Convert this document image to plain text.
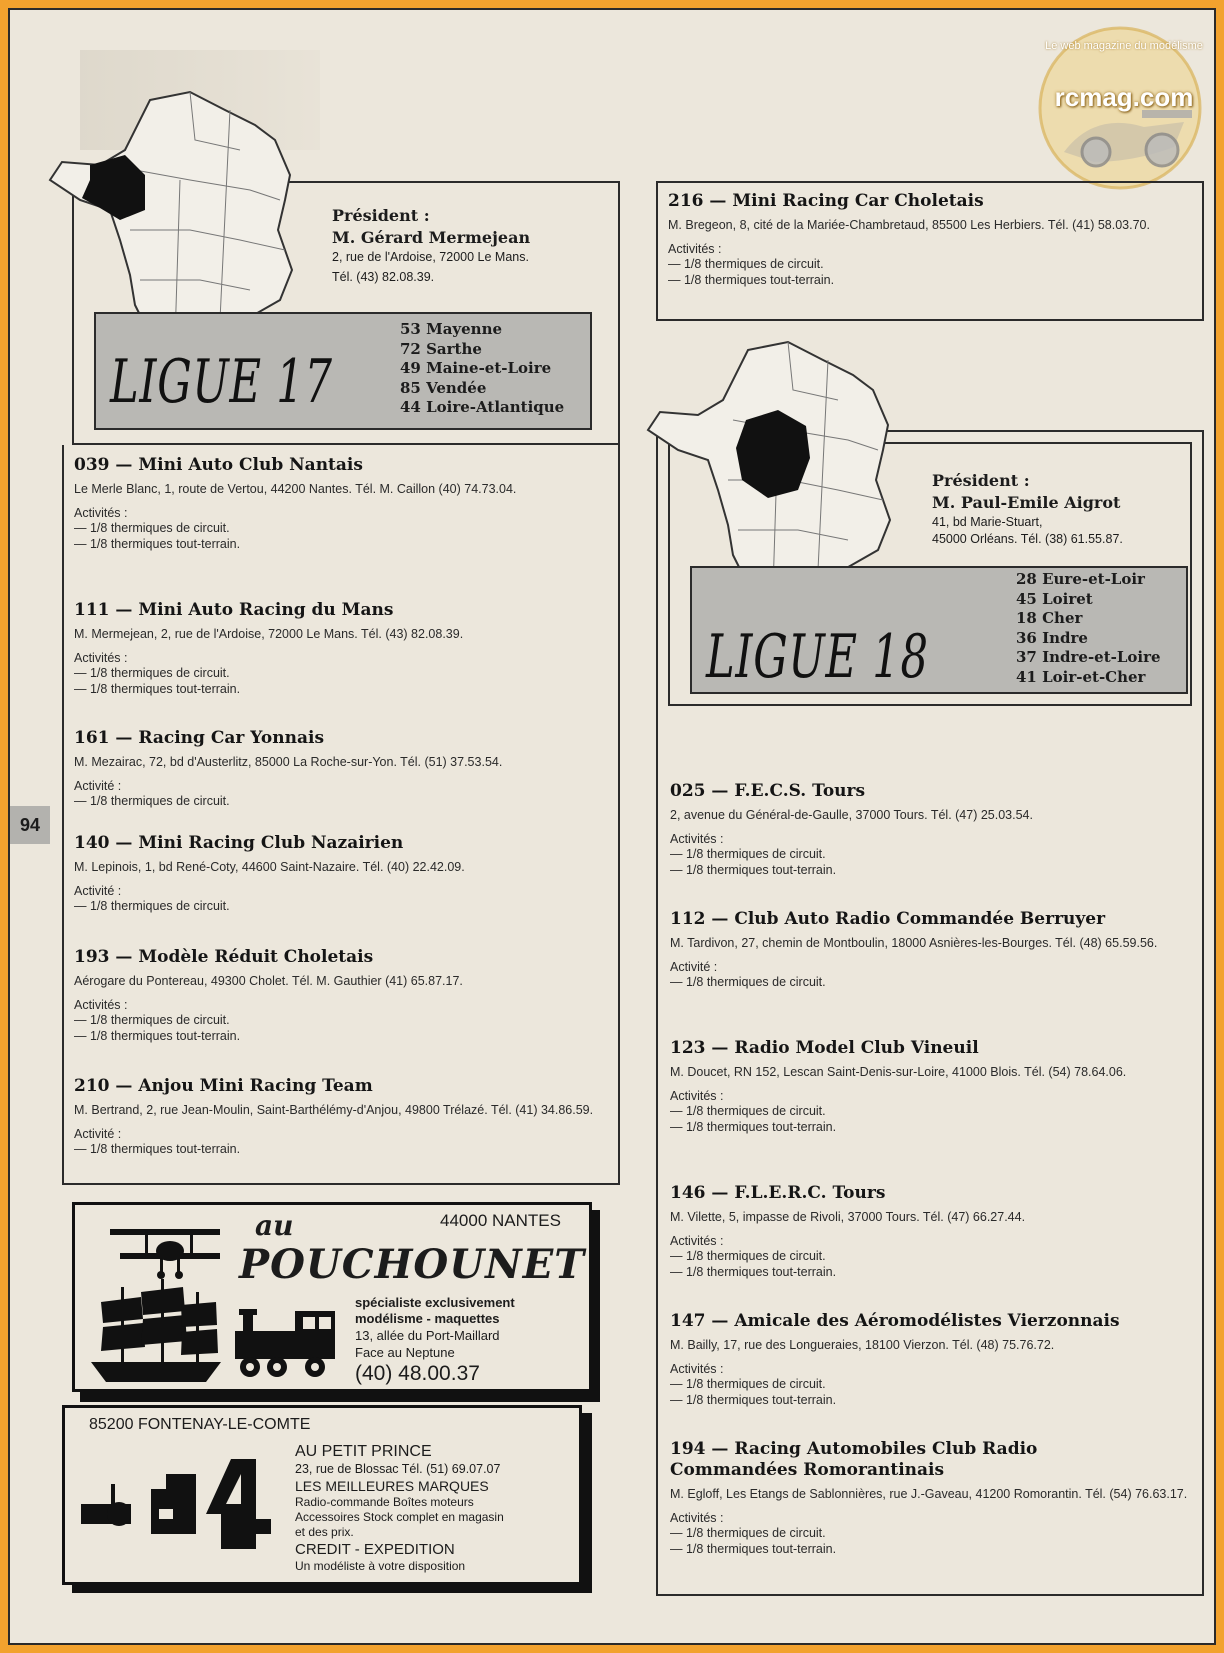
rcmag.com
Le web magazine du modélisme
Président :
M. Gérard Mermejean
2, rue de l'Ardoise, 72000 Le Mans.
Tél. (43) 82.08.39.
LIGUE 17
53 Mayenne
72 Sarthe
49 Maine-et-Loire
85 Vendée
44 Loire-Atlantique
039 — Mini Auto Club Nantais

Le Merle Blanc, 1, route de Vertou, 44200 Nantes. Tél. M. Caillon (40) 74.73.04.

Activités :
— 1/8 thermiques de circuit.
— 1/8 thermiques tout-terrain.
111 — Mini Auto Racing du Mans

M. Mermejean, 2, rue de l'Ardoise, 72000 Le Mans. Tél. (43) 82.08.39.

Activités :
— 1/8 thermiques de circuit.
— 1/8 thermiques tout-terrain.
161 — Racing Car Yonnais

M. Mezairac, 72, bd d'Austerlitz, 85000 La Roche-sur-Yon. Tél. (51) 37.53.54.

Activité :
— 1/8 thermiques de circuit.
140 — Mini Racing Club Nazairien

M. Lepinois, 1, bd René-Coty, 44600 Saint-Nazaire. Tél. (40) 22.42.09.

Activité :
— 1/8 thermiques de circuit.
193 — Modèle Réduit Choletais

Aérogare du Pontereau, 49300 Cholet. Tél. M. Gauthier (41) 65.87.17.

Activités :
— 1/8 thermiques de circuit.
— 1/8 thermiques tout-terrain.
210 — Anjou Mini Racing Team

M. Bertrand, 2, rue Jean-Moulin, Saint-Barthélémy-d'Anjou, 49800 Trélazé. Tél. (41) 34.86.59.

Activité :
— 1/8 thermiques tout-terrain.
94
44000 NANTES
au
POUCHOUNET
spécialiste exclusivement
modélisme - maquettes
13, allée du Port-Maillard
Face au Neptune
(40) 48.00.37
85200 FONTENAY-LE-COMTE
AU PETIT PRINCE
23, rue de Blossac Tél. (51) 69.07.07
LES MEILLEURES MARQUES
Radio-commande Boîtes moteurs
Accessoires Stock complet en magasin
et des prix.
CREDIT - EXPEDITION
Un modéliste à votre disposition
216 — Mini Racing Car Choletais

M. Bregeon, 8, cité de la Mariée-Chambretaud, 85500 Les Herbiers. Tél. (41) 58.03.70.

Activités :
— 1/8 thermiques de circuit.
— 1/8 thermiques tout-terrain.
Président :
M. Paul-Emile Aigrot
41, bd Marie-Stuart,
45000 Orléans. Tél. (38) 61.55.87.
LIGUE 18
28 Eure-et-Loir
45 Loiret
18 Cher
36 Indre
37 Indre-et-Loire
41 Loir-et-Cher
025 — F.E.C.S. Tours

2, avenue du Général-de-Gaulle, 37000 Tours. Tél. (47) 25.03.54.

Activités :
— 1/8 thermiques de circuit.
— 1/8 thermiques tout-terrain.
112 — Club Auto Radio Commandée Berruyer

M. Tardivon, 27, chemin de Montboulin, 18000 Asnières-les-Bourges. Tél. (48) 65.59.56.

Activité :
— 1/8 thermiques de circuit.
123 — Radio Model Club Vineuil

M. Doucet, RN 152, Lescan Saint-Denis-sur-Loire, 41000 Blois. Tél. (54) 78.64.06.

Activités :
— 1/8 thermiques de circuit.
— 1/8 thermiques tout-terrain.
146 — F.L.E.R.C. Tours

M. Vilette, 5, impasse de Rivoli, 37000 Tours. Tél. (47) 66.27.44.

Activités :
— 1/8 thermiques de circuit.
— 1/8 thermiques tout-terrain.
147 — Amicale des Aéromodélistes Vierzonnais

M. Bailly, 17, rue des Longueraies, 18100 Vierzon. Tél. (48) 75.76.72.

Activités :
— 1/8 thermiques de circuit.
— 1/8 thermiques tout-terrain.
194 — Racing Automobiles Club Radio Commandées Romorantinais

M. Egloff, Les Etangs de Sablonnières, rue J.-Gaveau, 41200 Romorantin. Tél. (54) 76.63.17.

Activités :
— 1/8 thermiques de circuit.
— 1/8 thermiques tout-terrain.
